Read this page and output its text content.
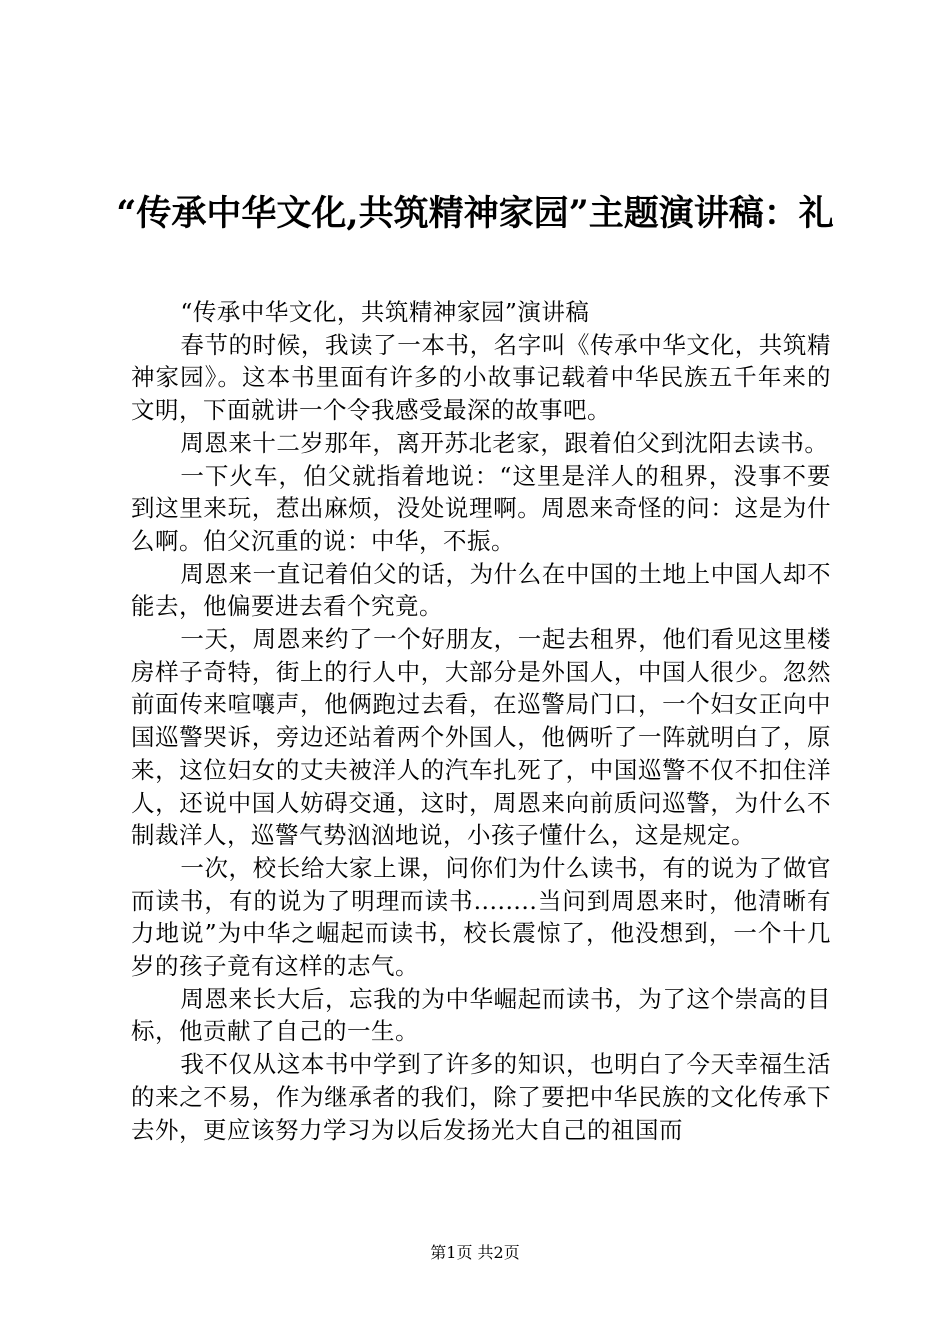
“传承中华文化,共筑精神家园”主题演讲稿：礼

“传承中华文化，共筑精神家园”演讲稿

春节的时候，我读了一本书，名字叫《传承中华文化，共筑精神家园》。这本书里面有许多的小故事记载着中华民族五千年来的文明，下面就讲一个令我感受最深的故事吧。

周恩来十二岁那年，离开苏北老家，跟着伯父到沈阳去读书。

一下火车，伯父就指着地说：“这里是洋人的租界，没事不要到这里来玩，惹出麻烦，没处说理啊。周恩来奇怪的问：这是为什么啊。伯父沉重的说：中华，不振。

周恩来一直记着伯父的话，为什么在中国的土地上中国人却不能去，他偏要进去看个究竟。

一天，周恩来约了一个好朋友，一起去租界，他们看见这里楼房样子奇特，街上的行人中，大部分是外国人，中国人很少。忽然前面传来喧嚷声，他俩跑过去看，在巡警局门口，一个妇女正向中国巡警哭诉，旁边还站着两个外国人，他俩听了一阵就明白了，原来，这位妇女的丈夫被洋人的汽车扎死了，中国巡警不仅不扣住洋人，还说中国人妨碍交通，这时，周恩来向前质问巡警，为什么不制裁洋人，巡警气势汹汹地说，小孩子懂什么，这是规定。

一次，校长给大家上课，问你们为什么读书，有的说为了做官而读书，有的说为了明理而读书........当问到周恩来时，他清晰有力地说”为中华之崛起而读书，校长震惊了，他没想到，一个十几岁的孩子竟有这样的志气。

周恩来长大后，忘我的为中华崛起而读书，为了这个崇高的目标，他贡献了自己的一生。

我不仅从这本书中学到了许多的知识，也明白了今天幸福生活的来之不易，作为继承者的我们，除了要把中华民族的文化传承下去外，更应该努力学习为以后发扬光大自己的祖国而

第1页 共2页
